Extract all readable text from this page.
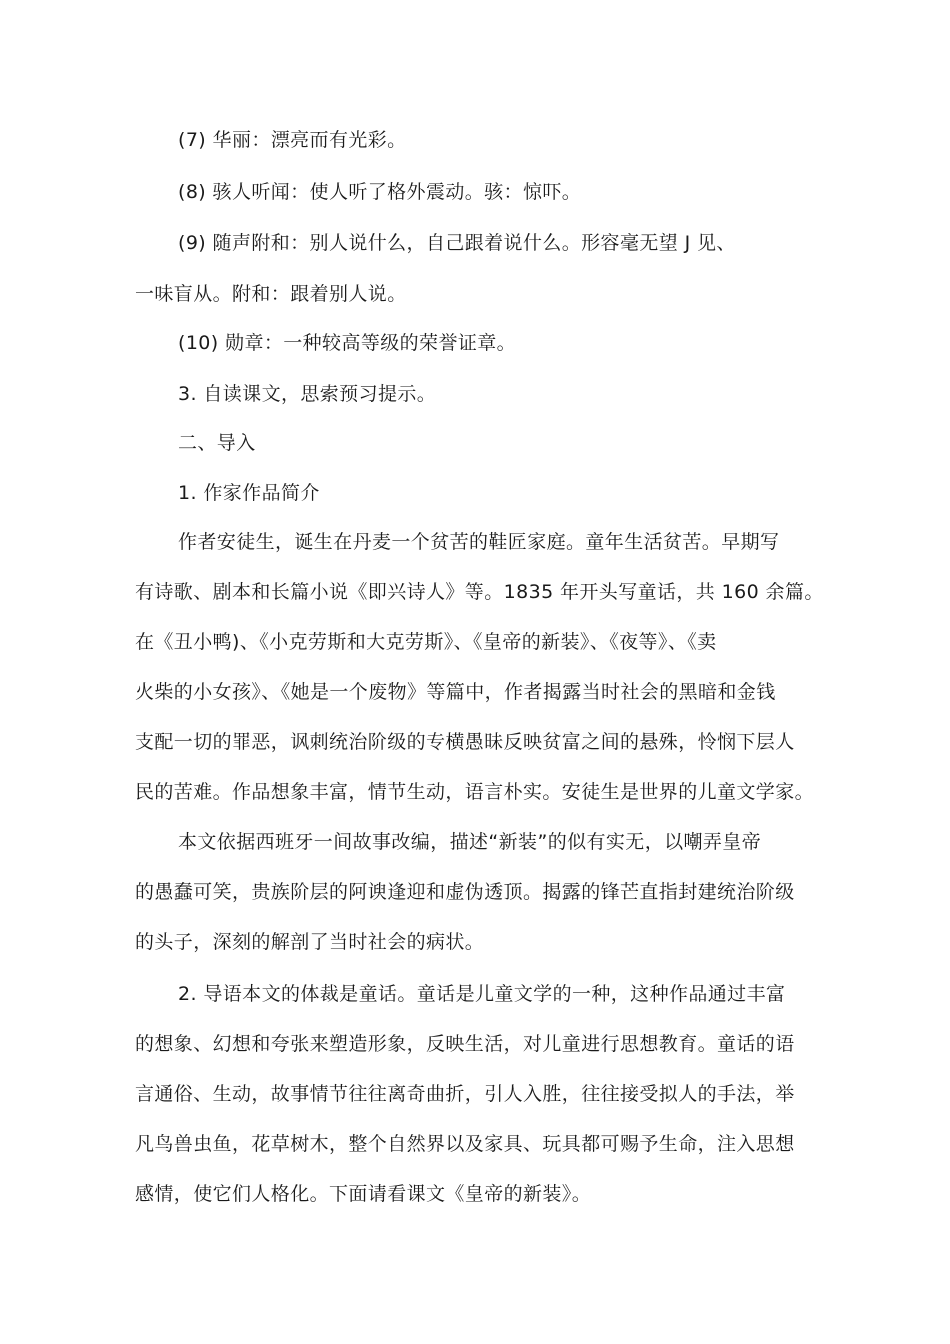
(7) 华丽：漂亮而有光彩。
(8) 骇人听闻：使人听了格外震动。骇：惊吓。
(9) 随声附和：别人说什么，自己跟着说什么。形容毫无望 J 见、
一味盲从。附和：跟着别人说。
(10) 勋章：一种较高等级的荣誉证章。
3. 自读课文，思索预习提示。
二、导入
1. 作家作品简介
作者安徒生，诞生在丹麦一个贫苦的鞋匠家庭。童年生活贫苦。早期写
有诗歌、剧本和长篇小说《即兴诗人》等。1835 年开头写童话，共 160 余篇。
在《丑小鸭)、《小克劳斯和大克劳斯》、《皇帝的新装》、《夜等》、《卖
火柴的小女孩》、《她是一个废物》等篇中，作者揭露当时社会的黑暗和金钱
支配一切的罪恶，讽刺统治阶级的专横愚昧反映贫富之间的悬殊，怜悯下层人
民的苦难。作品想象丰富，情节生动，语言朴实。安徒生是世界的儿童文学家。
本文依据西班牙一间故事改编，描述“新装”的似有实无，以嘲弄皇帝
的愚蠢可笑，贵族阶层的阿谀逢迎和虚伪透顶。揭露的锋芒直指封建统治阶级
的头子，深刻的解剖了当时社会的病状。
2. 导语本文的体裁是童话。童话是儿童文学的一种，这种作品通过丰富
的想象、幻想和夸张来塑造形象，反映生活，对儿童进行思想教育。童话的语
言通俗、生动，故事情节往往离奇曲折，引人入胜，往往接受拟人的手法，举
凡鸟兽虫鱼，花草树木，整个自然界以及家具、玩具都可赐予生命，注入思想
感情，使它们人格化。下面请看课文《皇帝的新装》。
